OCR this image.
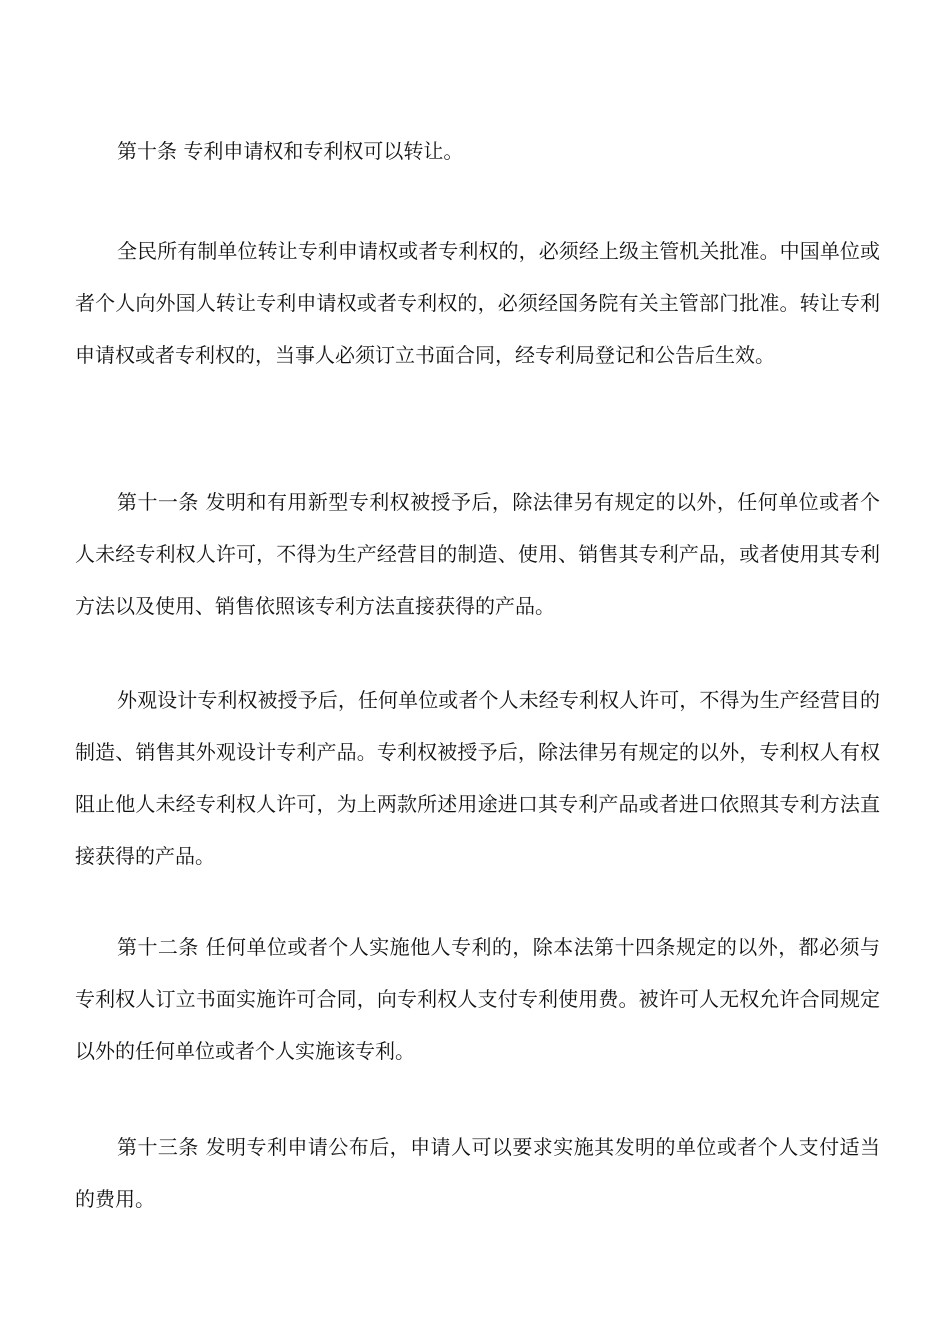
第十条 专利申请权和专利权可以转让。

全民所有制单位转让专利申请权或者专利权的，必须经上级主管机关批准。中国单位或者个人向外国人转让专利申请权或者专利权的，必须经国务院有关主管部门批准。转让专利申请权或者专利权的，当事人必须订立书面合同，经专利局登记和公告后生效。

第十一条 发明和有用新型专利权被授予后，除法律另有规定的以外，任何单位或者个人未经专利权人许可，不得为生产经营目的制造、使用、销售其专利产品，或者使用其专利方法以及使用、销售依照该专利方法直接获得的产品。

外观设计专利权被授予后，任何单位或者个人未经专利权人许可，不得为生产经营目的制造、销售其外观设计专利产品。专利权被授予后，除法律另有规定的以外，专利权人有权阻止他人未经专利权人许可，为上两款所述用途进口其专利产品或者进口依照其专利方法直接获得的产品。

第十二条 任何单位或者个人实施他人专利的，除本法第十四条规定的以外，都必须与专利权人订立书面实施许可合同，向专利权人支付专利使用费。被许可人无权允许合同规定以外的任何单位或者个人实施该专利。

第十三条 发明专利申请公布后，申请人可以要求实施其发明的单位或者个人支付适当的费用。
